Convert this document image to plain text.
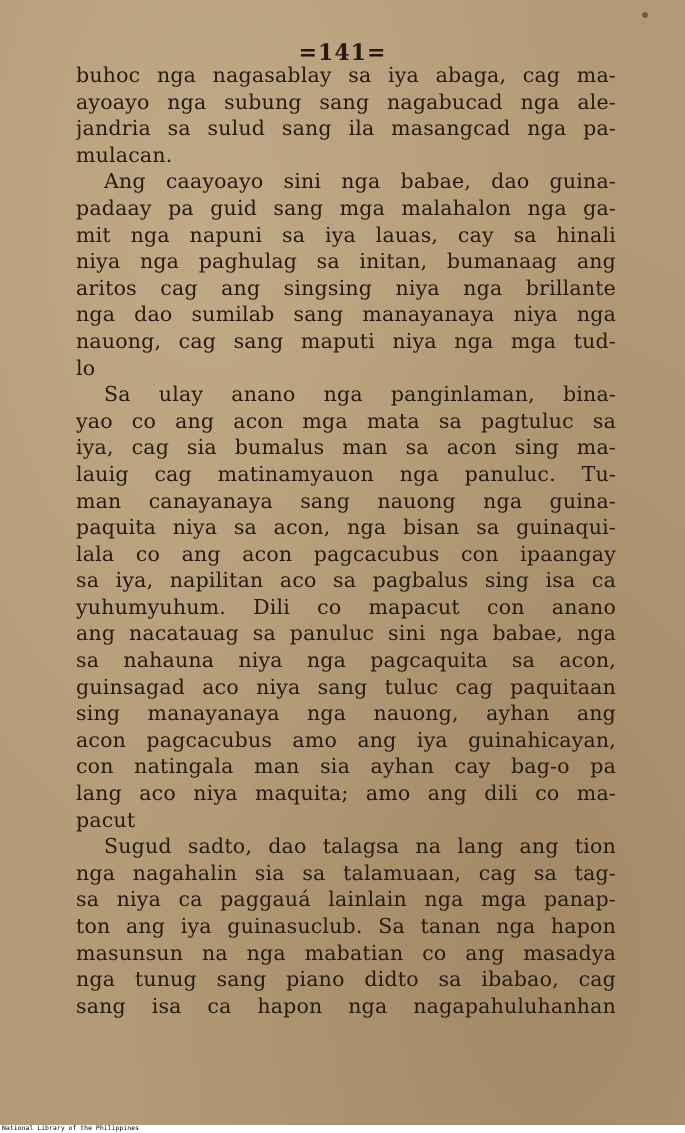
=141=
buhoc nga nagasablay sa iya abaga, cag ma-
ayoayo nga subung sang nagabucad nga ale-
jandria sa sulud sang ila masangcad nga pa-
mulacan.
Ang caayoayo sini nga babae, dao guina-
padaay pa guid sang mga malahalon nga ga-
mit nga napuni sa iya lauas, cay sa hinali
niya nga paghulag sa initan, bumanaag ang
aritos cag ang singsing niya nga brillante
nga dao sumilab sang manayanaya niya nga
nauong, cag sang maputi niya nga mga tud-
lo
Sa ulay anano nga panginlaman, bina-
yao co ang acon mga mata sa pagtuluc sa
iya, cag sia bumalus man sa acon sing ma-
lauig cag matinamyauon nga panuluc. Tu-
man canayanaya sang nauong nga guina-
paquita niya sa acon, nga bisan sa guinaqui-
lala co ang acon pagcacubus con ipaangay
sa iya, napilitan aco sa pagbalus sing isa ca
yuhumyuhum. Dili co mapacut con anano
ang nacatauag sa panuluc sini nga babae, nga
sa nahauna niya nga pagcaquita sa acon,
guinsagad aco niya sang tuluc cag paquitaan
sing manayanaya nga nauong, ayhan ang
acon pagcacubus amo ang iya guinahicayan,
con natingala man sia ayhan cay bag-o pa
lang aco niya maquita; amo ang dili co ma-
pacut
Sugud sadto, dao talagsa na lang ang tion
nga nagahalin sia sa talamuaan, cag sa tag-
sa niya ca paggauá lainlain nga mga panap-
ton ang iya guinasuclub. Sa tanan nga hapon
masunsun na nga mabatian co ang masadya
nga tunug sang piano didto sa ibabao, cag
sang isa ca hapon nga nagapahuluhanhan
National Library of the Philippines
